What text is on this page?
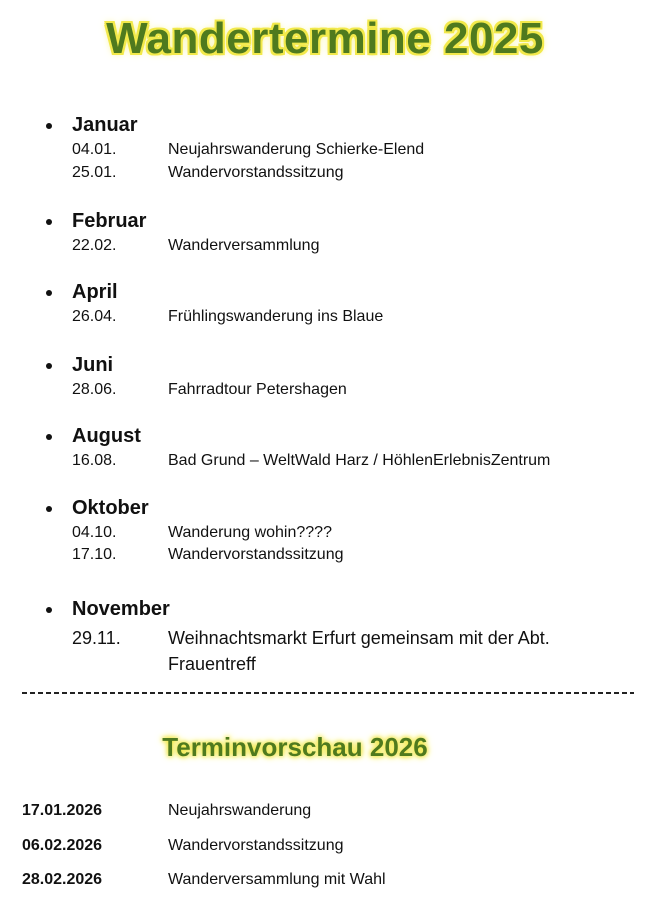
Wandertermine 2025
Januar
04.01.	Neujahrswanderung Schierke-Elend
25.01.	Wandervorstandssitzung
Februar
22.02.	Wanderversammlung
April
26.04.	Frühlingswanderung ins Blaue
Juni
28.06.	Fahrradtour Petershagen
August
16.08.	Bad Grund – WeltWald Harz / HöhlenErlebnisZentrum
Oktober
04.10.	Wanderung wohin????
17.10.	Wandervorstandssitzung
November
29.11.	Weihnachtsmarkt Erfurt gemeinsam mit der Abt. Frauentreff
Terminvorschau 2026
17.01.2026	Neujahrswanderung
06.02.2026	Wandervorstandssitzung
28.02.2026	Wanderversammlung mit Wahl
